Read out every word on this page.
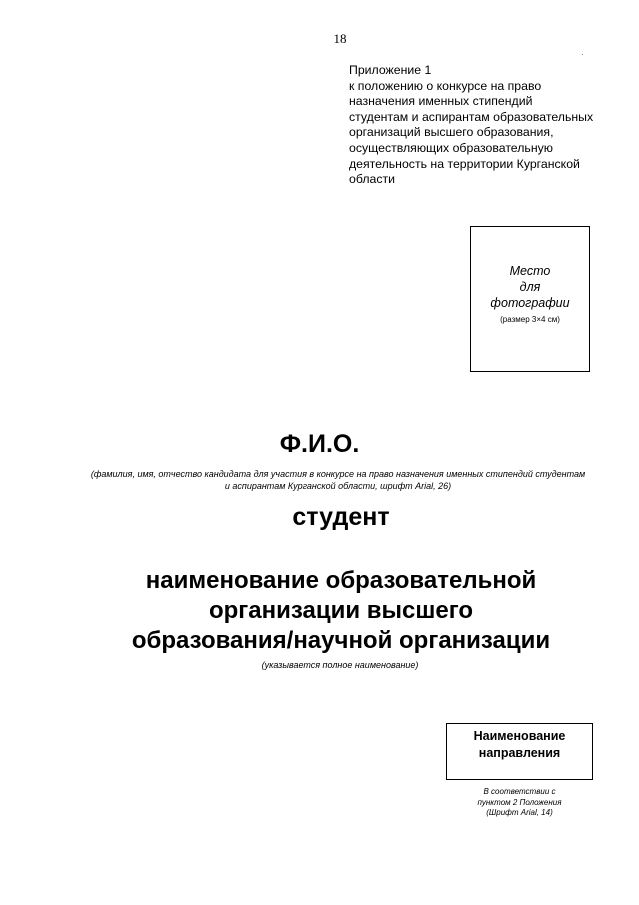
18
·
Приложение 1
к положению о конкурсе на право
назначения именных стипендий
студентам и аспирантам образовательных
организаций высшего образования,
осуществляющих образовательную
деятельность на территории Курганской
области
Место
для
фотографии
(размер 3×4 см)
Ф.И.О.
(фамилия, имя, отчество кандидата для участия в конкурсе на право назначения именных стипендий студентам
и аспирантам Курганской области, шрифт Arial, 26)
студент
наименование образовательной
организации высшего
образования/научной организации
(указывается полное наименование)
Наименование
направления
В соответствии с
пунктом 2 Положения
(Шрифт Arial, 14)
